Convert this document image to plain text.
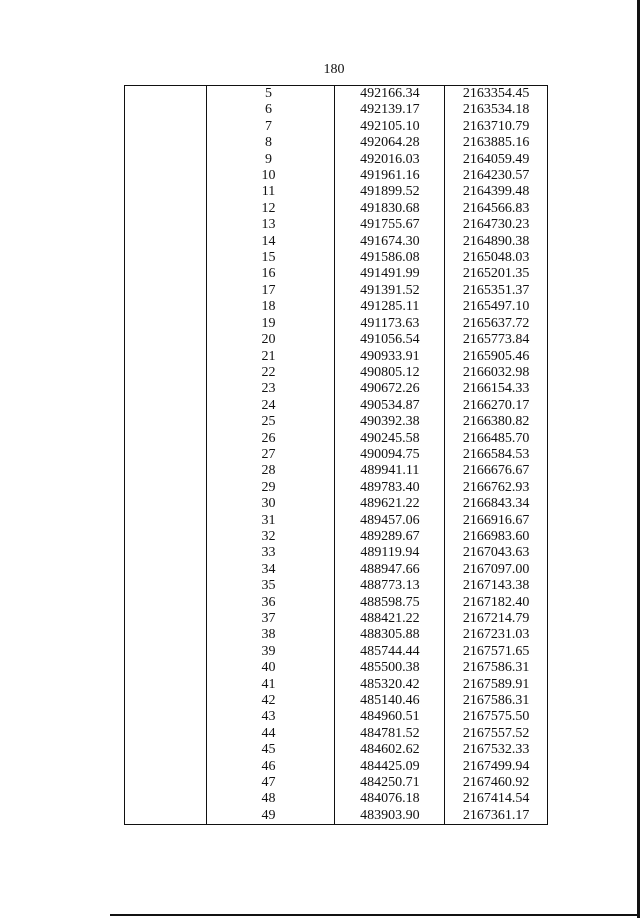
180
	5	492166.34	2163354.45
	6	492139.17	2163534.18
	7	492105.10	2163710.79
	8	492064.28	2163885.16
	9	492016.03	2164059.49
	10	491961.16	2164230.57
	11	491899.52	2164399.48
	12	491830.68	2164566.83
	13	491755.67	2164730.23
	14	491674.30	2164890.38
	15	491586.08	2165048.03
	16	491491.99	2165201.35
	17	491391.52	2165351.37
	18	491285.11	2165497.10
	19	491173.63	2165637.72
	20	491056.54	2165773.84
	21	490933.91	2165905.46
	22	490805.12	2166032.98
	23	490672.26	2166154.33
	24	490534.87	2166270.17
	25	490392.38	2166380.82
	26	490245.58	2166485.70
	27	490094.75	2166584.53
	28	489941.11	2166676.67
	29	489783.40	2166762.93
	30	489621.22	2166843.34
	31	489457.06	2166916.67
	32	489289.67	2166983.60
	33	489119.94	2167043.63
	34	488947.66	2167097.00
	35	488773.13	2167143.38
	36	488598.75	2167182.40
	37	488421.22	2167214.79
	38	488305.88	2167231.03
	39	485744.44	2167571.65
	40	485500.38	2167586.31
	41	485320.42	2167589.91
	42	485140.46	2167586.31
	43	484960.51	2167575.50
	44	484781.52	2167557.52
	45	484602.62	2167532.33
	46	484425.09	2167499.94
	47	484250.71	2167460.92
	48	484076.18	2167414.54
	49	483903.90	2167361.17
